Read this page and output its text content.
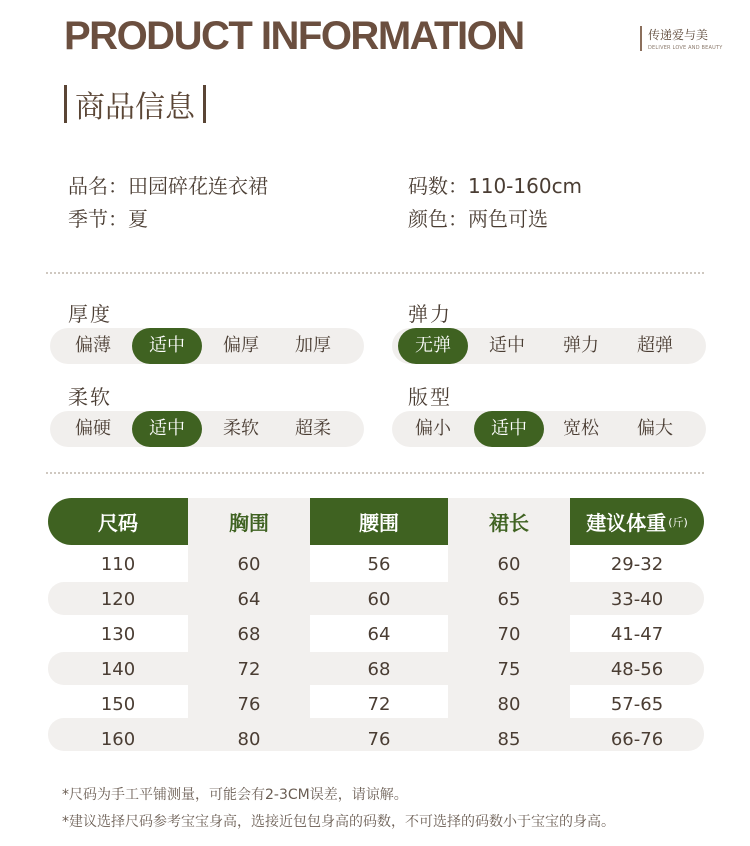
PRODUCT INFORMATION	传递爱与美
DELIVER LOVE AND BEAUTY
商品信息
品名：田园碎花连衣裙
季节：夏
码数：110-160cm
颜色：两色可选
厚度
偏薄	适中	偏厚	加厚
弹力
无弹	适中	弹力	超弹
柔软
偏硬	适中	柔软	超柔
版型
偏小	适中	宽松	偏大
尺码	胸围	腰围	裙长	建议体重 (斤)
110	60	56	60	29-32
120	64	60	65	33-40
130	68	64	70	41-47
140	72	68	75	48-56
150	76	72	80	57-65
160	80	76	85	66-76
*尺码为手工平铺测量，可能会有2-3CM误差，请谅解。
*建议选择尺码参考宝宝身高，选接近包包身高的码数，不可选择的码数小于宝宝的身高。
